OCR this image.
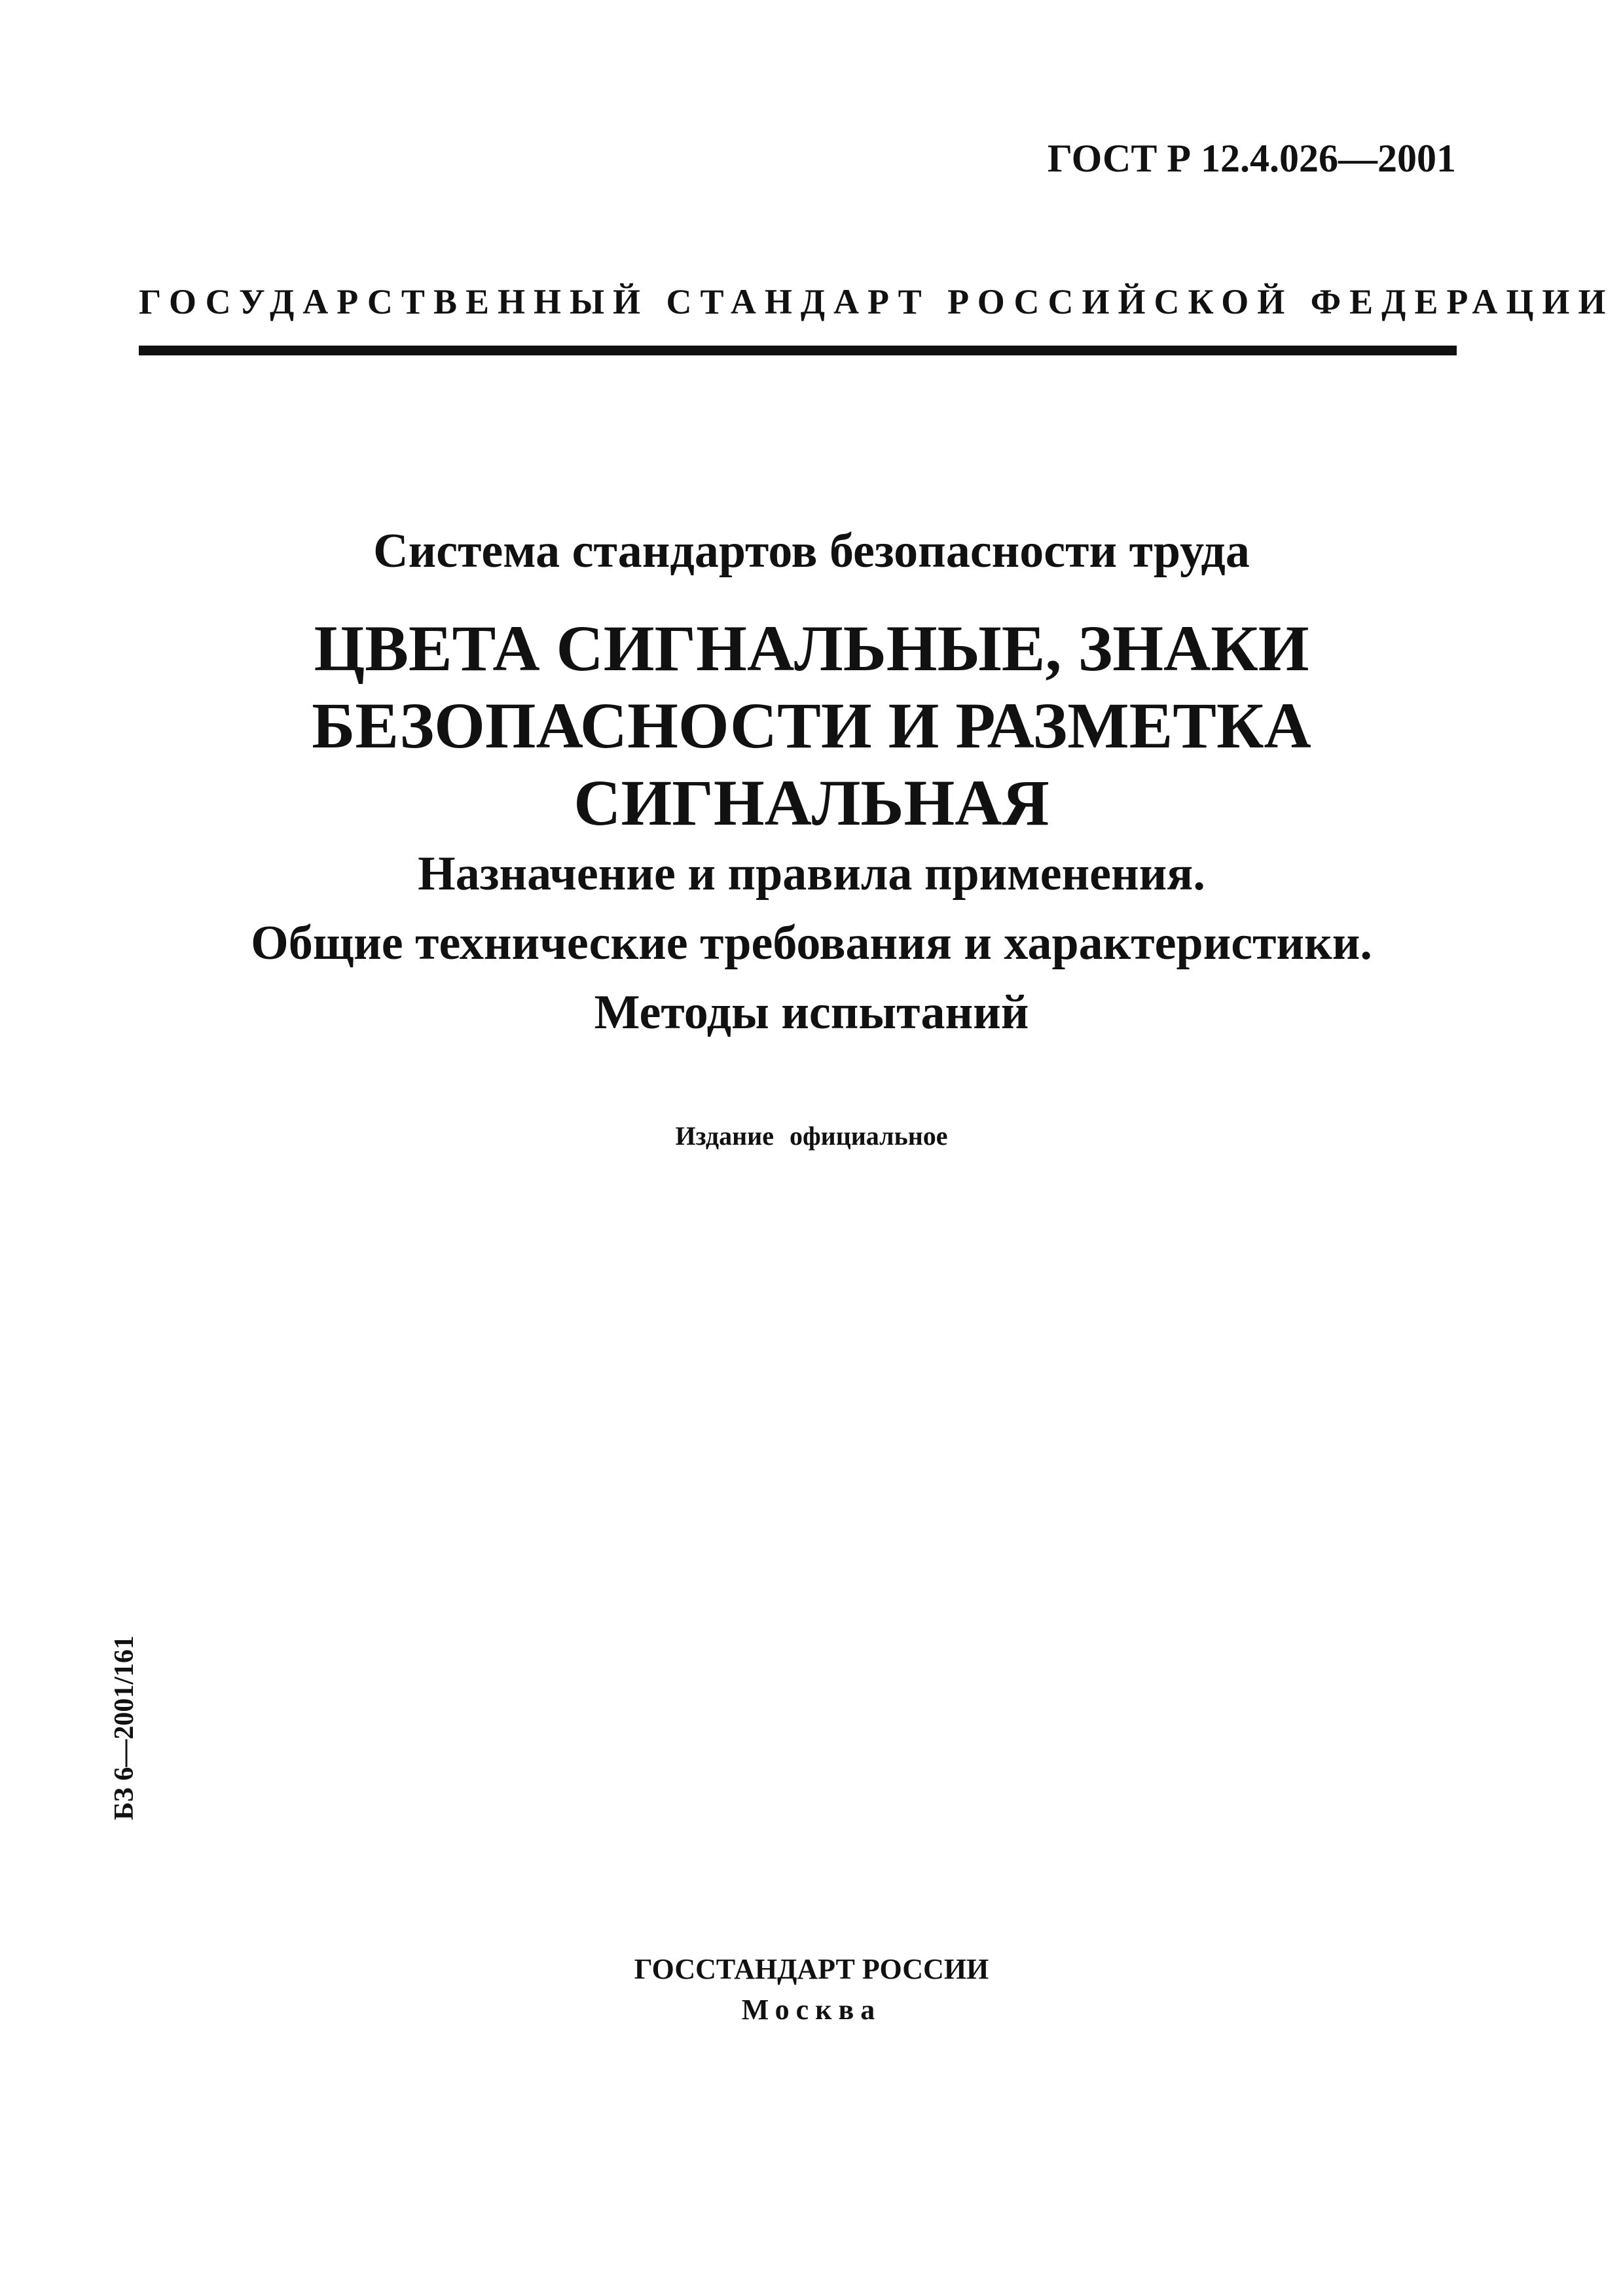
ГОСТ Р 12.4.026—2001
ГОСУДАРСТВЕННЫЙ СТАНДАРТ РОССИЙСКОЙ ФЕДЕРАЦИИ
Система стандартов безопасности труда
ЦВЕТА СИГНАЛЬНЫЕ, ЗНАКИ
БЕЗОПАСНОСТИ И РАЗМЕТКА
СИГНАЛЬНАЯ
Назначение и правила применения.
Общие технические требования и характеристики.
Методы испытаний
Издание официальное
БЗ 6—2001/161
ГОССТАНДАРТ РОССИИ
Москва
